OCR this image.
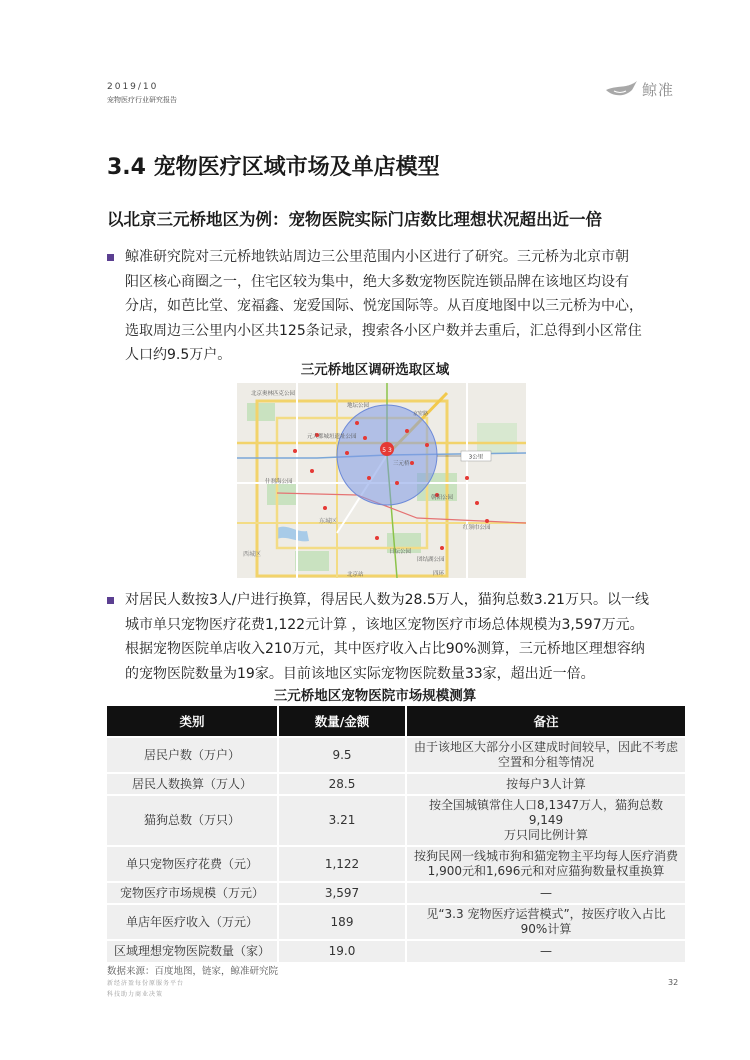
2019/10
宠物医疗行业研究报告
鲸准
3.4 宠物医疗区域市场及单店模型
以北京三元桥地区为例：宠物医院实际门店数比理想状况超出近一倍
鲸准研究院对三元桥地铁站周边三公里范围内小区进行了研究。三元桥为北京市朝
阳区核心商圈之一，住宅区较为集中，绝大多数宠物医院连锁品牌在该地区均设有
分店，如芭比堂、宠福鑫、宠爱国际、悦宠国际等。从百度地图中以三元桥为中心，
选取周边三公里内小区共125条记录，搜索各小区户数并去重后，汇总得到小区常住
人口约9.5万户。
三元桥地区调研选取区域
5 3
北京奥林匹克公园
元大都城垣遗址公园
地坛公园
三元桥
朝阳公园
什刹海公园
东城区
西城区	日坛公园
红领巾公园
北京站	四环
团结湖公园
京密路
3公里
对居民人数按3人/户进行换算，得居民人数为28.5万人，猫狗总数3.21万只。以一线
城市单只宠物医疗花费1,122元计算 ，该地区宠物医疗市场总体规模为3,597万元。
根据宠物医院单店收入210万元，其中医疗收入占比90%测算，三元桥地区理想容纳
的宠物医院数量为19家。目前该地区实际宠物医院数量33家，超出近一倍。
三元桥地区宠物医院市场规模测算
类别	数量/金额	备注
居民户数（万户）	9.5	由于该地区大部分小区建成时间较早，因此不考虑
空置和分租等情况
居民人数换算（万人）	28.5	按每户3人计算
猫狗总数（万只）	3.21	按全国城镇常住人口8,1347万人，猫狗总数9,149
万只同比例计算
单只宠物医疗花费（元）	1,122	按狗民网一线城市狗和猫宠物主平均每人医疗消费
1,900元和1,696元和对应猫狗数量权重换算
宠物医疗市场规模（万元）	3,597	—
单店年医疗收入（万元）	189	见“3.3 宠物医疗运营模式”，按医疗收入占比
90%计算
区域理想宠物医院数量（家）	19.0	—
数据来源：百度地图，链家，鲸准研究院
新经济盈每份原服务平台
科技助力商业决策
32
